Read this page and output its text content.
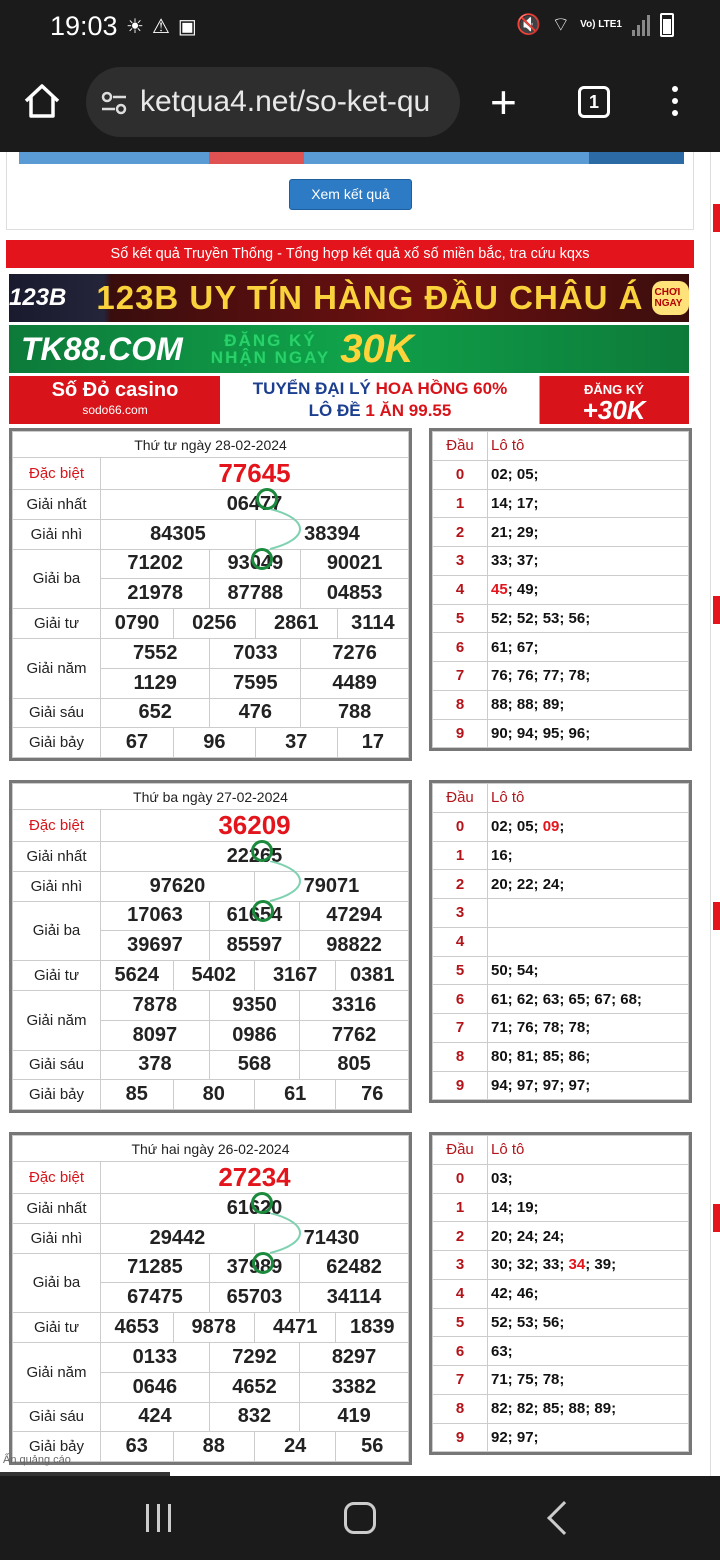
19:03 ☀ ⚠ ▣	🔇 ⌔ Vo) LTE1
ketqua4.net/so-ket-qu +	1
Xem kết quả
Sổ kết quả Truyền Thống - Tổng hợp kết quả xổ số miền bắc, tra cứu kqxs
123B 123B UY TÍN HÀNG ĐẦU CHÂU Á	CHƠI NGAY
TK88.COM	ĐĂNG KÝ
NHẬN NGAY 30K
Số Đỏ casino
sodo66.com
TUYỂN ĐẠI LÝ HOA HỒNG 60%
LÔ ĐỀ 1 ĂN 99.55
ĐĂNG KÝ
+30K
Thứ tư ngày 28-02-2024						
Đặc biệt	77645					
Giải nhất	06477					
Giải nhì	84305			38394		
Giải ba	71202		93049		90021	
	21978		87788		04853	
Giải tư	0790	0256		2861		3114
Giải năm	7552		7033		7276	
	1129		7595		4489	
Giải sáu	652		476		788	
Giải bảy	67	96		37		17
Đầu	Lô tô
0	02; 05;
1	14; 17;
2	21; 29;
3	33; 37;
4	45; 49;
5	52; 52; 53; 56;
6	61; 67;
7	76; 76; 77; 78;
8	88; 88; 89;
9	90; 94; 95; 96;
Thứ ba ngày 27-02-2024						
Đặc biệt	36209					
Giải nhất	22265					
Giải nhì	97620			79071		
Giải ba	17063		61654		47294	
	39697		85597		98822	
Giải tư	5624	5402		3167		0381
Giải năm	7878		9350		3316	
	8097		0986		7762	
Giải sáu	378		568		805	
Giải bảy	85	80		61		76
Đầu	Lô tô
0	02; 05; 09;
1	16;
2	20; 22; 24;
3	
4	
5	50; 54;
6	61; 62; 63; 65; 67; 68;
7	71; 76; 78; 78;
8	80; 81; 85; 86;
9	94; 97; 97; 97;
Thứ hai ngày 26-02-2024						
Đặc biệt	27234					
Giải nhất	61620					
Giải nhì	29442			71430		
Giải ba	71285		37989		62482	
	67475		65703		34114	
Giải tư	4653	9878		4471		1839
Giải năm	0133		7292		8297	
	0646		4652		3382	
Giải sáu	424		832		419	
Giải bảy	63	88		24		56
Đầu	Lô tô
0	03;
1	14; 19;
2	20; 24; 24;
3	30; 32; 33; 34; 39;
4	42; 46;
5	52; 53; 56;
6	63;
7	71; 75; 78;
8	82; 82; 85; 88; 89;
9	92; 97;
Ẩn quảng cáo
